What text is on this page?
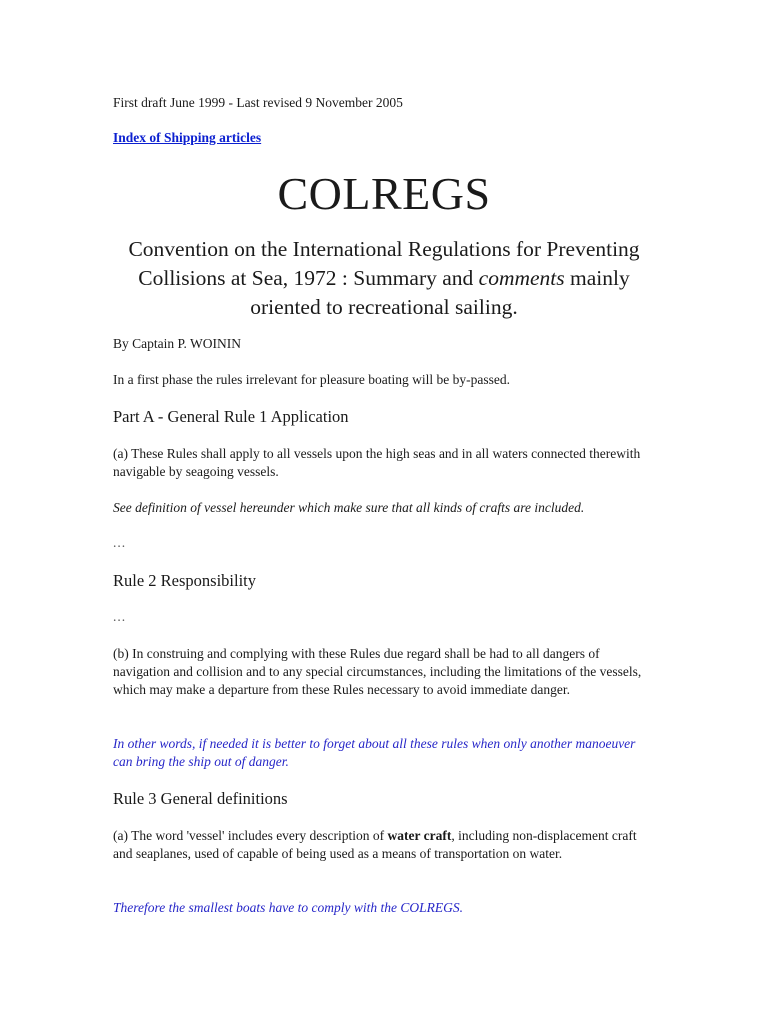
First draft June 1999 - Last revised 9 November 2005

Index of Shipping articles

COLREGS
Convention on the International Regulations for Preventing Collisions at Sea, 1972 : Summary and comments mainly oriented to recreational sailing.

By Captain P. WOININ

In a first phase the rules irrelevant for pleasure boating will be by-passed.

Part A - General Rule 1 Application

(a) These Rules shall apply to all vessels upon the high seas and in all waters connected therewith navigable by seagoing vessels.

See definition of vessel hereunder which make sure that all kinds of crafts are included.

...

Rule 2 Responsibility

...

(b) In construing and complying with these Rules due regard shall be had to all dangers of navigation and collision and to any special circumstances, including the limitations of the vessels, which may make a departure from these Rules necessary to avoid immediate danger.

In other words, if needed it is better to forget about all these rules when only another manoeuver can bring the ship out of danger.

Rule 3 General definitions

(a) The word 'vessel' includes every description of water craft, including non-displacement craft and seaplanes, used of capable of being used as a means of transportation on water.

Therefore the smallest boats have to comply with the COLREGS.
